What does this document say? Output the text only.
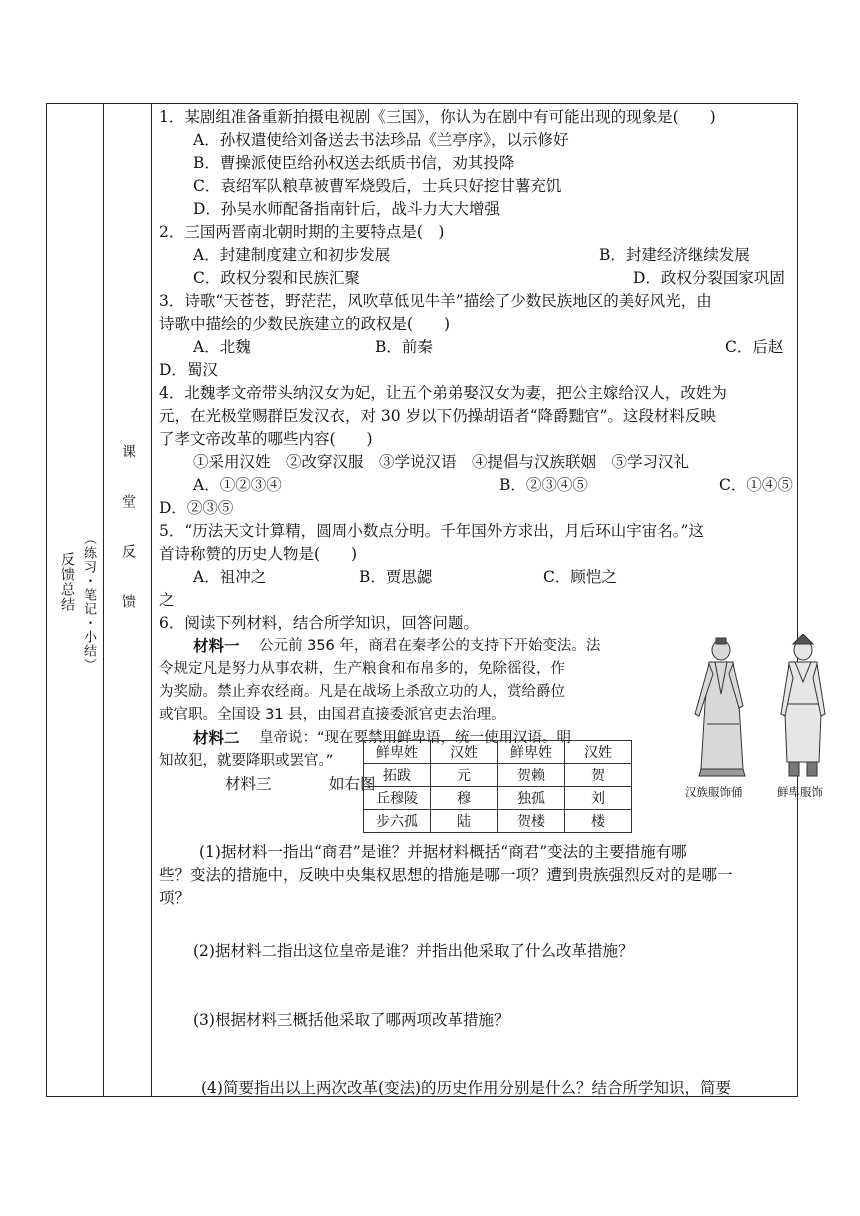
反馈总结 （练习・笔记・小结） 课堂反馈
1．某剧组准备重新拍摄电视剧《三国》，你认为在剧中有可能出现的现象是(　　)
A．孙权遣使给刘备送去书法珍品《兰亭序》，以示修好
B．曹操派使臣给孙权送去纸质书信，劝其投降
C．袁绍军队粮草被曹军烧毁后，士兵只好挖甘薯充饥
D．孙吴水师配备指南针后，战斗力大大增强
2．三国两晋南北朝时期的主要特点是(　)
A．封建制度建立和初步发展	B．封建经济继续发展
C．政权分裂和民族汇聚	D．政权分裂国家巩固
3．诗歌“天苍苍，野茫茫，风吹草低见牛羊”描绘了少数民族地区的美好风光，由
诗歌中描绘的少数民族建立的政权是(　　)
A．北魏	B．前秦	C．后赵
D．蜀汉
4．北魏孝文帝带头纳汉女为妃，让五个弟弟娶汉女为妻，把公主嫁给汉人，改姓为
元，在光极堂赐群臣发汉衣，对 30 岁以下仍操胡语者“降爵黜官”。这段材料反映
了孝文帝改革的哪些内容(　　)
①采用汉姓　②改穿汉服　③学说汉语　④提倡与汉族联姻　⑤学习汉礼
A．①②③④	B．②③④⑤	C．①④⑤
D．②③⑤
5．“历法天文计算精，圆周小数点分明。千年国外方求出，月后环山宇宙名。”这
首诗称赞的历史人物是(　　)
A．祖冲之	B．贾思勰	C．顾恺之
之
6．阅读下列材料，结合所学知识，回答问题。
材料一 公元前 356 年，商君在秦孝公的支持下开始变法。法
令规定凡是努力从事农耕，生产粮食和布帛多的，免除徭役，作
为奖励。禁止弃农经商。凡是在战场上杀敌立功的人，赏给爵位
或官职。全国设 31 县，由国君直接委派官吏去治理。
材料二 皇帝说：“现在要禁用鲜卑语，统一使用汉语。明
知故犯，就要降职或罢官。”
材料三	如右图
(1)据材料一指出“商君”是谁？并据材料概括“商君”变法的主要措施有哪
些？变法的措施中，反映中央集权思想的措施是哪一项？遭到贵族强烈反对的是哪一
项？
(2)据材料二指出这位皇帝是谁？并指出他采取了什么改革措施？
(3)根据材料三概括他采取了哪两项改革措施？
(4)简要指出以上两次改革(变法)的历史作用分别是什么？结合所学知识，简要
鲜卑姓	汉姓	鲜卑姓	汉姓
拓跋	元	贺赖	贺
丘穆陵	穆	独孤	刘
步六孤	陆	贺楼	楼
汉族服饰俑	鲜卑服饰
